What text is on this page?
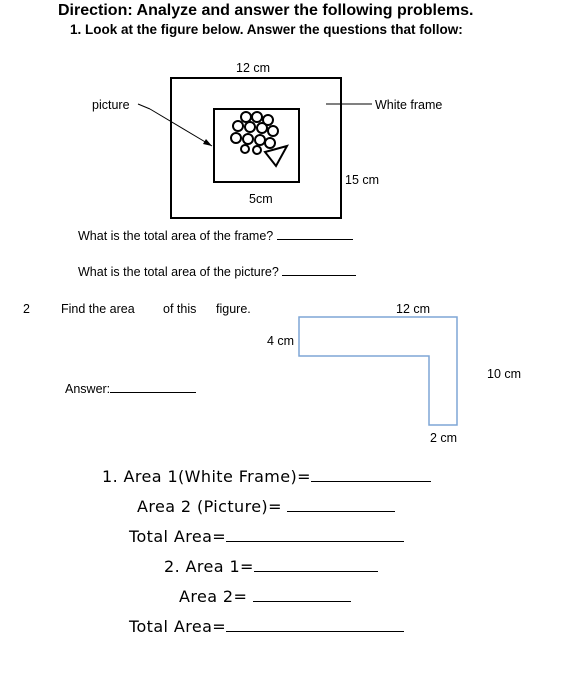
Direction: Analyze and answer the following problems.
1. Look at the figure below. Answer the questions that follow:
12 cm
picture	White frame
15 cm
5cm
What is the total area of the frame?
What is the total area of the picture?
2 Find the area of this figure.	12 cm
4 cm
10 cm
2 cm
Answer:
1. Area 1(White Frame)=
Area 2 (Picture)=
Total Area=
2. Area 1=
Area 2=
Total Area=
